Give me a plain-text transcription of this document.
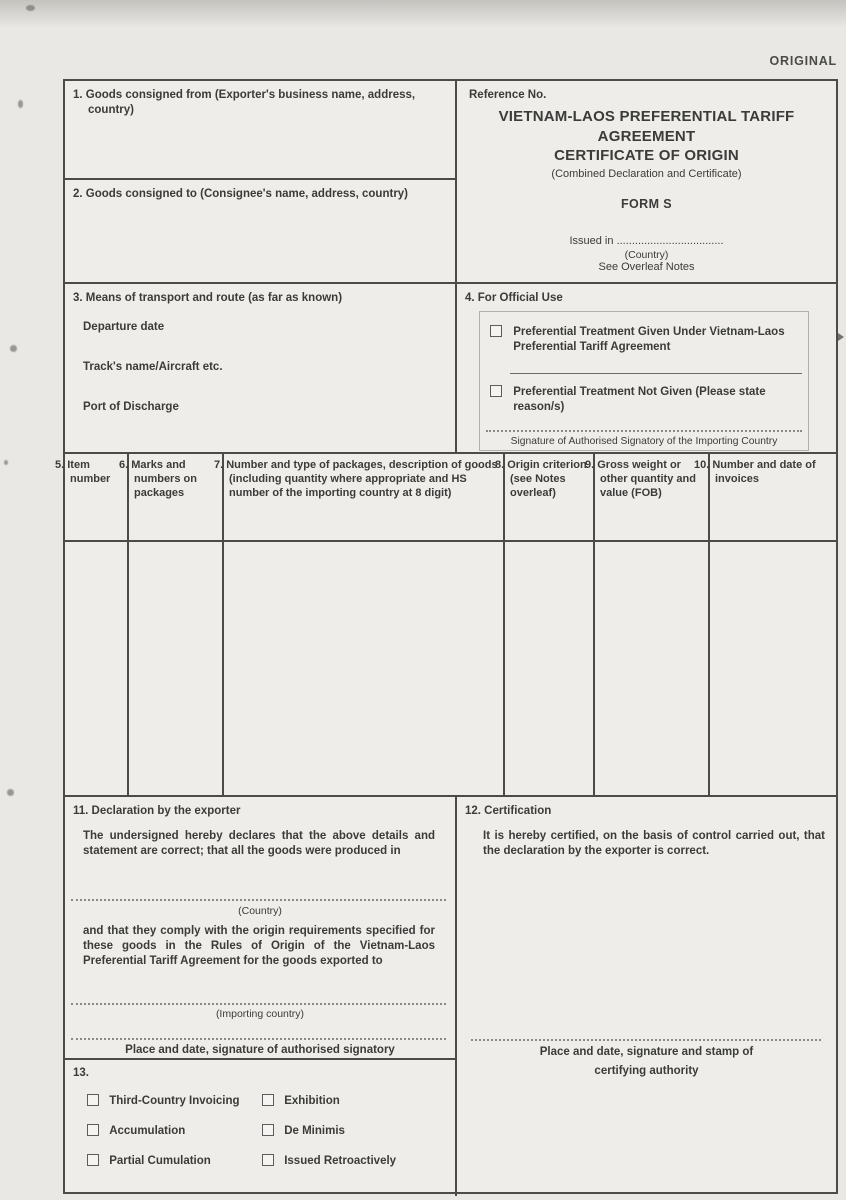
ORIGINAL
1. Goods consigned from (Exporter's business name, address, country)
2. Goods consigned to (Consignee's name, address, country)
Reference No.
VIETNAM-LAOS PREFERENTIAL TARIFF AGREEMENT
CERTIFICATE OF ORIGIN
(Combined Declaration and Certificate)
FORM S
Issued in ...................................
(Country)
See Overleaf Notes
3. Means of transport and route (as far as known)
Departure date
Track's name/Aircraft etc.
Port of Discharge
4. For Official Use
Preferential Treatment Given Under Vietnam-Laos Preferential Tariff Agreement
Preferential Treatment Not Given (Please state reason/s)
Signature of Authorised Signatory of the Importing Country
5. Item number
6. Marks and numbers on packages
7. Number and type of packages, description of goods (including quantity where appropriate and HS number of the importing country at 8 digit)
8. Origin criterion (see Notes overleaf)
9. Gross weight or other quantity and value (FOB)
10. Number and date of invoices
11. Declaration by the exporter
The undersigned hereby declares that the above details and statement are correct; that all the goods were produced in
(Country)
and that they comply with the origin requirements specified for these goods in the Rules of Origin of the Vietnam-Laos Preferential Tariff Agreement for the goods exported to
(Importing country)
Place and date, signature of authorised signatory
12. Certification
It is hereby certified, on the basis of control carried out, that the declaration by the exporter is correct.
Place and date, signature and stamp of
certifying authority
13.
Third-Country Invoicing	Exhibition
Accumulation	De Minimis
Partial Cumulation	Issued Retroactively
